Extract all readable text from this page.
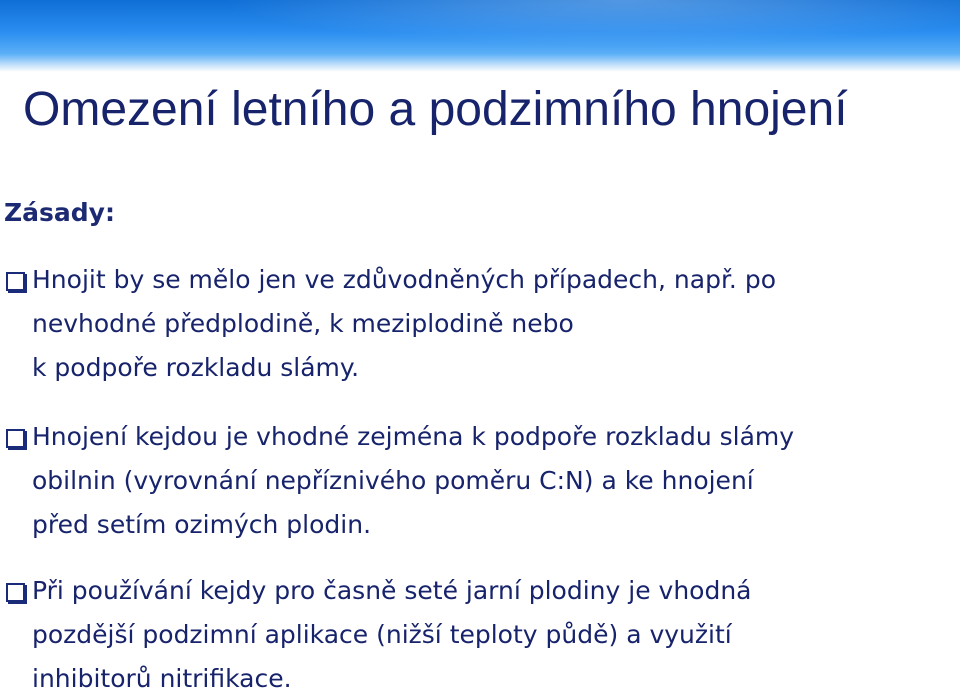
Omezení letního a podzimního hnojení

Zásady:

Hnojit by se mělo jen ve zdůvodněných případech, např. po
nevhodné předplodině, k meziplodině nebo
k podpoře rozkladu slámy.
Hnojení kejdou je vhodné zejména k podpoře rozkladu slámy
obilnin (vyrovnání nepříznivého poměru C:N) a ke hnojení
před setím ozimých plodin.
Při používání kejdy pro časně seté jarní plodiny je vhodná
pozdější podzimní aplikace (nižší teploty půdě) a využití
inhibitorů nitrifikace.
